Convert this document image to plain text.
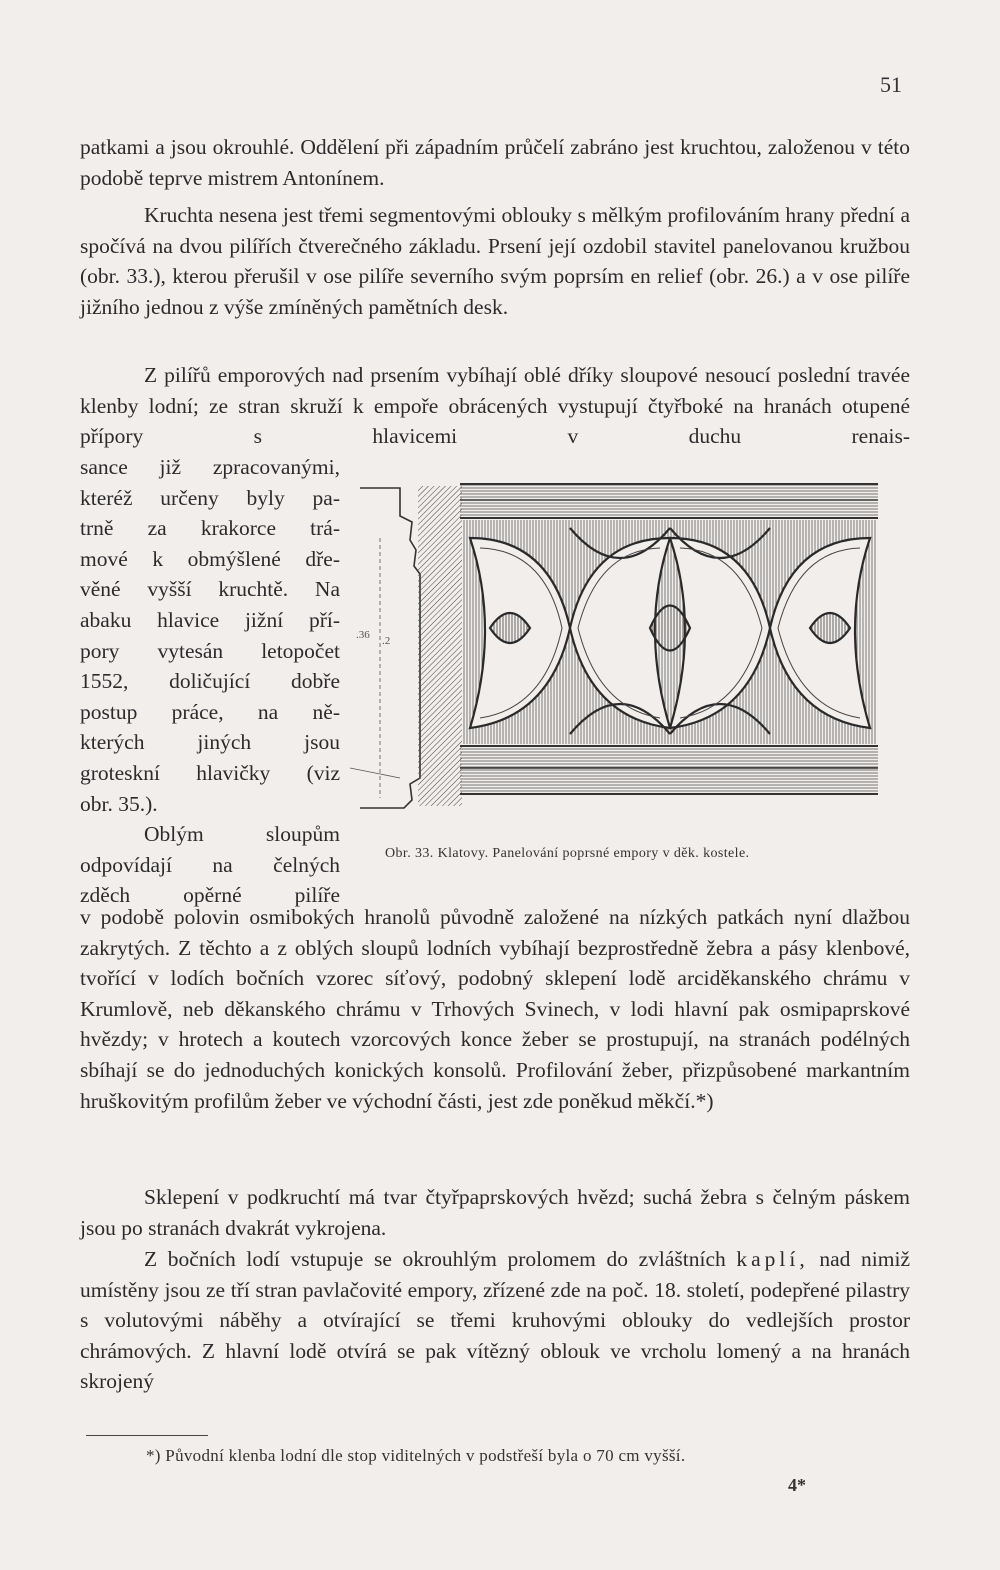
51

patkami a jsou okrouhlé. Oddělení při západním průčelí zabráno jest kruchtou, založenou v této podobě teprve mistrem Antonínem.

Kruchta nesena jest třemi segmentovými oblouky s mělkým profilováním hrany přední a spočívá na dvou pilířích čtverečného základu. Prsení její ozdobil stavitel panelovanou kružbou (obr. 33.), kterou přerušil v ose pilíře severního svým poprsím en relief (obr. 26.) a v ose pilíře jižního jednou z výše zmíněných pamětních desk.

Z pilířů emporových nad prsením vybíhají oblé dříky sloupové nesoucí poslední travée klenby lodní; ze stran skruží k empoře obrácených vystupují čtyřboké na hranách otupené přípory s hlavicemi v duchu renais-

sance již zpracovanými,
kteréž určeny byly pa-
trně za krakorce trá-
mové k obmýšlené dře-
věné vyšší kruchtě. Na
abaku hlavice jižní pří-
pory vytesán letopočet
1552, doličující dobře
postup práce, na ně-
kterých jiných jsou
groteskní hlavičky (viz
obr. 35.).
Oblým sloupům
odpovídají na čelných
zděch opěrné pilíře
.36 .2
Obr. 33. Klatovy. Panelování poprsné empory v děk. kostele.

v podobě polovin osmibokých hranolů původně založené na nízkých patkách nyní dlažbou zakrytých. Z těchto a z oblých sloupů lodních vybíhají bezprostředně žebra a pásy klenbové, tvořící v lodích bočních vzorec síťový, podobný sklepení lodě arciděkanského chrámu v Krumlově, neb děkanského chrámu v Trhových Svinech, v lodi hlavní pak osmipaprskové hvězdy; v hrotech a koutech vzorcových konce žeber se prostupují, na stranách podélných sbíhají se do jednoduchých konických konsolů. Profilování žeber, přizpůsobené markantním hruškovitým profilům žeber ve východní části, jest zde poněkud měkčí.*)

Sklepení v podkruchtí má tvar čtyřpaprskových hvězd; suchá žebra s čelným páskem jsou po stranách dvakrát vykrojena.

Z bočních lodí vstupuje se okrouhlým prolomem do zvláštních kaplí, nad nimiž umístěny jsou ze tří stran pavlačovité empory, zřízené zde na poč. 18. století, podepřené pilastry s volutovými náběhy a otvírající se třemi kruhovými oblouky do vedlejších prostor chrámových. Z hlavní lodě otvírá se pak vítězný oblouk ve vrcholu lomený a na hranách skrojený

*) Původní klenba lodní dle stop viditelných v podstřeší byla o 70 cm vyšší.
4*
